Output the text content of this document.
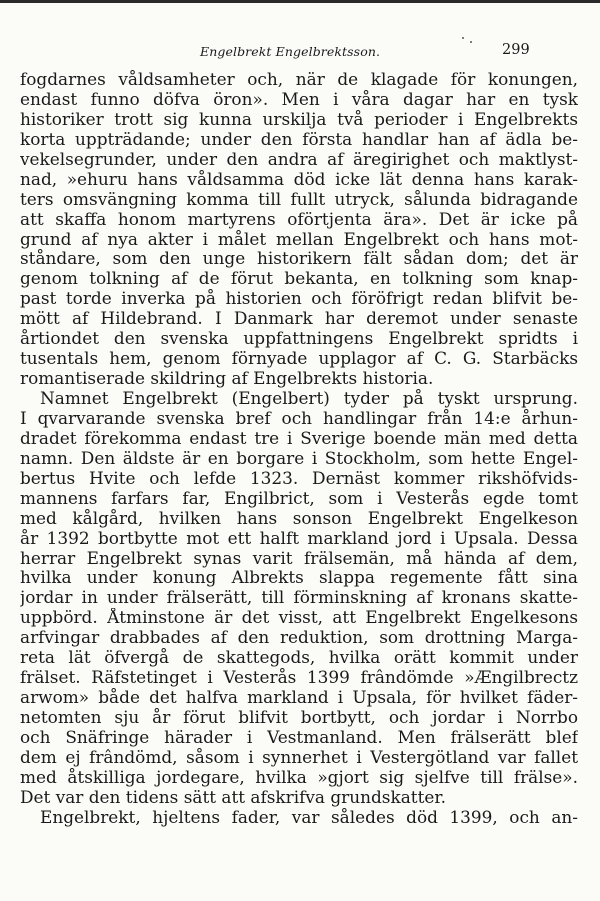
Engelbrekt Engelbrektsson.	299
fogdarnes våldsamheter och, när de klagade för konungen,
endast funno döfva öron». Men i våra dagar har en tysk
historiker trott sig kunna urskilja två perioder i Engelbrekts
korta uppträdande; under den första handlar han af ädla be-
vekelsegrunder, under den andra af äregirighet och maktlyst-
nad, »ehuru hans våldsamma död icke lät denna hans karak-
ters omsvängning komma till fullt utryck, sålunda bidragande
att skaffa honom martyrens oförtjenta ära». Det är icke på
grund af nya akter i målet mellan Engelbrekt och hans mot-
ståndare, som den unge historikern fält sådan dom; det är
genom tolkning af de förut bekanta, en tolkning som knap-
past torde inverka på historien och föröfrigt redan blifvit be-
mött af Hildebrand. I Danmark har deremot under senaste
årtiondet den svenska uppfattningens Engelbrekt spridts i
tusentals hem, genom förnyade upplagor af C. G. Starbäcks
romantiserade skildring af Engelbrekts historia.
Namnet Engelbrekt (Engelbert) tyder på tyskt ursprung.
I qvarvarande svenska bref och handlingar från 14:e århun-
dradet förekomma endast tre i Sverige boende män med detta
namn. Den äldste är en borgare i Stockholm, som hette Engel-
bertus Hvite och lefde 1323. Dernäst kommer rikshöfvids-
mannens farfars far, Engilbrict, som i Vesterås egde tomt
med kålgård, hvilken hans sonson Engelbrekt Engelkeson
år 1392 bortbytte mot ett halft markland jord i Upsala. Dessa
herrar Engelbrekt synas varit frälsemän, må hända af dem,
hvilka under konung Albrekts slappa regemente fått sina
jordar in under frälserätt, till förminskning af kronans skatte-
uppbörd. Åtminstone är det visst, att Engelbrekt Engelkesons
arfvingar drabbades af den reduktion, som drottning Marga-
reta lät öfvergå de skattegods, hvilka orätt kommit under
frälset. Räfstetinget i Vesterås 1399 frândömde »Ængilbrectz
arwom» både det halfva markland i Upsala, för hvilket fäder-
netomten sju år förut blifvit bortbytt, och jordar i Norrbo
och Snäfringe härader i Vestmanland. Men frälserätt blef
dem ej frândömd, såsom i synnerhet i Vestergötland var fallet
med åtskilliga jordegare, hvilka »gjort sig sjelfve till frälse».
Det var den tidens sätt att afskrifva grundskatter.
Engelbrekt, hjeltens fader, var således död 1399, och an-
